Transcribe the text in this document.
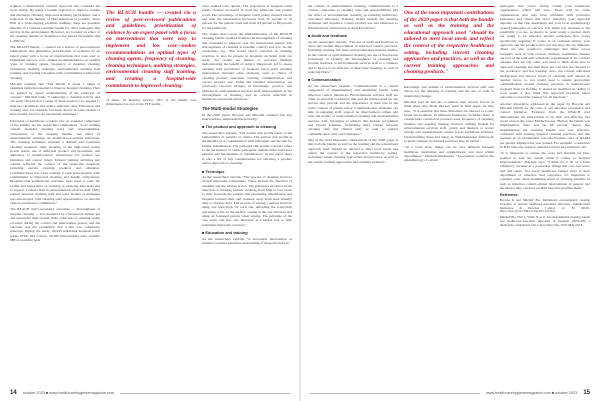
requires a multi-modal, tailored approach that considers the local setting. By using a bundle approach to improve routine and discharge cleaning, improved cleaning performance and a reduction in the number of HAI infections is possible. Since HAI is a wide-ranging problem, auditing, there are potential benefits of a tailored cleaning bundle for other pathogens that survive in the environment. However, we focused on effect of the cleaning bundle on Staphylococcus aureus bacteremia and C.difficile.

The REACH bundle — created via a review of peer-reviewed publications and guidelines, prioritization of evidence by an expert panel with a focus on interventions that were easy to implement and low cost—makes recommendations on optimal types of cleaning agents, frequency of cleaning, cleaning techniques, auditing strategies, environmental cleaning staff training, and creating a hospital-wide commitment to improved cleaning.

Mitchell explains that "The bundle is about a range of treatment initiatives needed to improve hospital cleaning. They are guided by expert understanding of the pathways of concern." Mitchell adds, "Conducting a cleaning activity and our study showed that a range of these needed to be applied to improve cleanliness and reduce infection rates. Education and training also, for example, has been shown in some studies to have benefit, but it is not necessarily sustained."

Education of healthcare workers was an essential component of the bundle. As the researchers emphasized, "Core training content included cleaning roles and responsibilities, components of the cleaning bundle, and effect of environmental cleaning on healthcare-associated infections. The cleaning technique included a defined and consistent cleaning sequence, daily cleaning of the high-touch points (touch points, use of sufficient product and movement, and adherence to manufacturers' instructions for product use (dilutions and contact time). Tailored training activities and content reflected the context of the respective hospitals, including current cleaning products and schedules. Communication was a key strategy to raise intra-hospital wide commitment to improved cleaning and handle components. Hospital-wide promotional activities were used to raise the profile and importance of cleaning in reducing infections and to support a culture shift in environmental services staff. Daily contact between cleaning staff and ward leaders or managers was encouraged, with cleaning staff representation on relevant clinical governance committees."

The REACH trial's secondary outcomes — thoroughness of hospital cleaning — was measured by a fluorescent marker gel and ultraviolet light system. Data collection of cleaning audits occurred during the control and intervention period, and the outcome was the probability that a site was completely removed. During the study, 29,433 individual frequent touch points (FTP, 184 control, 20,389 intervention) were audited, 688 of available beds

The REACH bundle — created via a review of peer-reviewed publications and guidelines, prioritization of evidence by an expert panel with a focus on interventions that were easy to implement and low cost—makes recommendations on optimal types of cleaning agents, frequency of cleaning, cleaning techniques, auditing strategies, environmental cleaning staff training, and creating a hospital-wide commitment to improved cleaning.

of these, 16 hospital service, 78% of the bundle was implemented as part of the FTP audits.

were audited were quieter. The proportion of frequent touch points cleaned increased in both the bathroom and patient room. The percentage of frequent touch points cleaned before and after the intervention increased from 55 percent to 76 percent for the patient room and from 64 percent to 80 percent for the bathroom.

The results here report the implementation of the REACH cleaning bundle resulted in improved thoroughness of cleaning that continued to improve over the intervention period. The thoroughness of cleaning at baseline control) was low. As the researchers say, "We would expect variation in cleaning practices to also be present in hospitals excluded from our study, but results are similar to previous findings demonstrating the benefit of using a fluorescent gel to assess cleaning with prevalence of frequent touch point cleaning intervention included other elements, such as choice of cleaning product, education, training, communication, and correct product use. Using the bundled intervention, we previously reported changes in knowledge, practice, and attitudes in environmental services staff, improvements in the thoroughness of cleaning, and an overall reduction in healthcare-associated infections."

The Multi-modal Strategies

In the 2020 paper, Browne and Mitchell outlined five key interventions, summarized here briefly:

■ The product and approach to cleaning

The researchers explain, "The patient risk profile refers to the vulnerability of patients or clients. The surface risk profile is the likelihood of contamination with pathogens and the risk for further transmission. The pathogen risk profile concepts refers to the persistence of viable pathogens, antimicrobial resistance patterns and mechanisms of transmission." In the paper, there is also a list of key considerations for selecting a product and/or approach to cleaning."

■ Technique

As the researchers explain, "The process of cleaning involves several important components. These include the direction of cleaning and the wiping action. The principles involved in the direction of cleaning include cleaning from high to low, clean to dirty (towards the patient; this preventing transmission and frequent touched sites, and cleaning away from least visually dirty to obvious dirty. The process of wiping a surface involves using one wipe/cloth for each site, unfolding the wipe/cloth and using it flat on the surface, wiping in the one direction and using an S-shaped pattern when wiping. The principle of the 'one wipe, one site, one direction' is a useful way to help remember important concepts."

■ Education and training

As the researchers explain, "A successful intervention or initiative requires education and training of those involved in

14 october 2023 ■ www.healthcarehygienemagazine.com

the context of environmental cleaning, communication is a critical component to cleaning roles and responsibilities and the effect of environmental cleaning on reducing healthcare-associated infections. Training should include the cleaning technique and sequence, correct product use and adherence to manufacturers' instructions as described above."

■ Audit and feedback

As the researchers explain, "The use of audit and feedback to drive and sustain improvement in infection control practices, including cleaning, has been well documented in many studies. In the context of environmental cleaning, the use of fluorescent technology to identify the thoroughness of cleaning and provide feedback to environmental services staff is a common and is known to be effective at improving cleaning, as well as reducing HAIs."

■ Communication

As the researchers explain, "Communication is a critical component of implementing and sustaining family wide infection control initiatives. Environmental services staff are often an invisible workforce; that and the limited need for the service they provide and the importance of their role in the wider context of patient safety. Communication strategies can help in engaging staff, support an improvement culture and raise the profile of environmental cleaning and environmental services staff. Strategies to achieve this include recognition and reward schemes, facilitating daily contact between cleaning staff and clinical staff, as well as regular communication with ward managers."

One of the most important contributions of the 2020 paper is that both the bundle as well as the training and the educational approach used "should be tailored to meet local needs and reflect the context of the respective healthcare setting, including current cleaning approaches and practices, as well as the current training approaches and cleaning products."

One of the most important contributions of the 2020 paper is that both the bundle as well as the training and the educational approach used "should be tailored to meet local needs and reflect the context of the respective healthcare setting, including current cleaning approaches and practices, as well as the current training approaches and cleaning products."

knowledge and attitude of environmental services staff also allows for the tailoring of training and the use of audit in monitoring change.

Mitchell says he and his co-authors kept several factors in mind when they made this key point in their paper. As they note, "It is essential that these initiatives are tailored to a risk-based environment. In different healthcare facilities, there is considerable variation in products used, frequency of cleaning, baseline and ongoing training received, staffing models for environmental services staff, policy and markers to accept change and organizational culture across healthcare facilities. Understanding these and using an implementation framework to guide changes in cleaning practices may be useful."

"At a local level, things can be very different between healthcare institutions and organizations, and even within departments," Mitchell emphasizes. "An example would be the epidemiology of certain

pathogens that you're facing within your healthcare organization, which will vary. There will be some organizations that may have problems with particular pathogens and others that don't. Selecting your approach depends on that risk assessment and your local epidemiology around pathogens of concern. You might pay attention to the possibility you use, so there's no point using a product that's not going to be effective against pathogens that you're specifically targeting. If you're in an outbreak setting, your approach and the products that you use may also be different. There are also workforce challenges that differ across hospitals, such as with contract cleaners; sometimes cleaners are part of the paid staff within the organization; if it's contract cleaners they are any other, you need to think about how to approach cleaning and then there are cost that are relevant to the workforce and the training. Also, the current education background and literacy levels of cleaning staff should be another factor, so you would need to ensure appropriate communication around cleaning practices. A multi-faceted program must be flexible. It should be modified according to local needs. I also think that approach produces better outcomes so tread the journey for all involved."

Another imperative addressed in the paper by Browne and Mitchell (2020) are the costs of any infection prevention and control initiative. Evidence from the REACH trial demonstrated the intervention to be both cost-effective and saved on bed-day costs. Mitchell notes, "Before the bundle was implemented, there was an 88 percent chance that implementing the cleaning bundle was cost effective, compared with existing hospital cleaning practices, and this resulted in an incremental cost-effectiveness ratio of $4,484 per quality-adjusted life year gained. For example, a reduction in HAI rates also leads to patient bed days and antibiotic use.

"It is important to ensure the costs and benefits are fine-grained to fuel the punch when it comes to hospital improvements," Mitchell says. "I think it's a bit of a false efficiency, because as a profession, things that cost and work, and add value. Not every healthcare budget ways to their department of infection lead outcomes; it's important to consider costs when examining stress of cleaning bundles, as well as infection control-related interventions in general and the impact they can have on HAI rates that justifies them."

Reference:

Browne K and Mitchell BG. Multimodal environmental cleaning strategies to prevent healthcare-associated infections. Antimicrobial Resistance & Infection Control. 12, 83 (2023). https://doi.org/10.1186/s13756-023-01274-6

Mitchell BG, Hall L, White N, et al. An environmental cleaning bundle and health-care-associated infections in hospitals (REACH): a multicentre, randomised trial. Lancet Infect Dis. 2019;19(4):410-8.

www.healthcarehygienemagazine.com ■ october 2023 15
